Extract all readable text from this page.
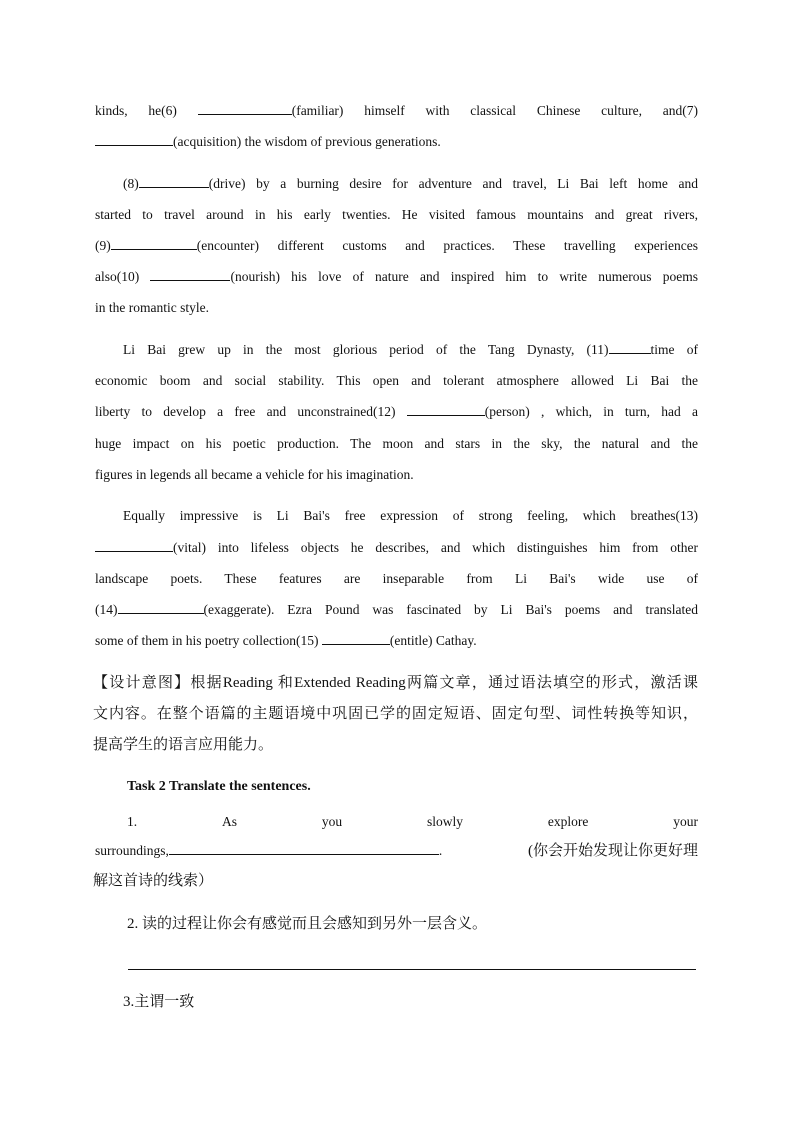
kinds, he(6)	(familiar) himself with classical Chinese culture, and(7)
(acquisition) the wisdom of previous generations.
(8)	(drive) by a burning desire for adventure and travel, Li Bai left home and
started to travel around in his early twenties. He visited famous mountains and great rivers,
(9)	(encounter) different customs and practices. These travelling experiences
also(10)	(nourish) his love of nature and inspired him to write numerous poems
in the romantic style.
Li Bai grew up in the most glorious period of the Tang Dynasty, (11)	time of
economic boom and social stability. This open and tolerant atmosphere allowed Li Bai the
liberty to develop a free and unconstrained(12)	(person) , which, in turn, had a
huge impact on his poetic production. The moon and stars in the sky, the natural and the
figures in legends all became a vehicle for his imagination.
Equally impressive is Li Bai's free expression of strong feeling, which breathes(13)
(vital) into lifeless objects he describes, and which distinguishes him from other
landscape poets. These features are inseparable from Li Bai's wide use of
(14)	(exaggerate). Ezra Pound was fascinated by Li Bai's poems and translated
some of them in his poetry collection(15)	(entitle) Cathay.
【设计意图】根据Reading 和Extended Reading两篇文章，通过语法填空的形式，激活课
文内容。在整个语篇的主题语境中巩固已学的固定短语、固定句型、词性转换等知识，
提高学生的语言应用能力。
Task 2 Translate the sentences.
1.	As	you	slowly	explore	your
surroundings,	.	(你会开始发现让你更好理
解这首诗的线索）
2. 读的过程让你会有感觉而且会感知到另外一层含义。
3.主谓一致
